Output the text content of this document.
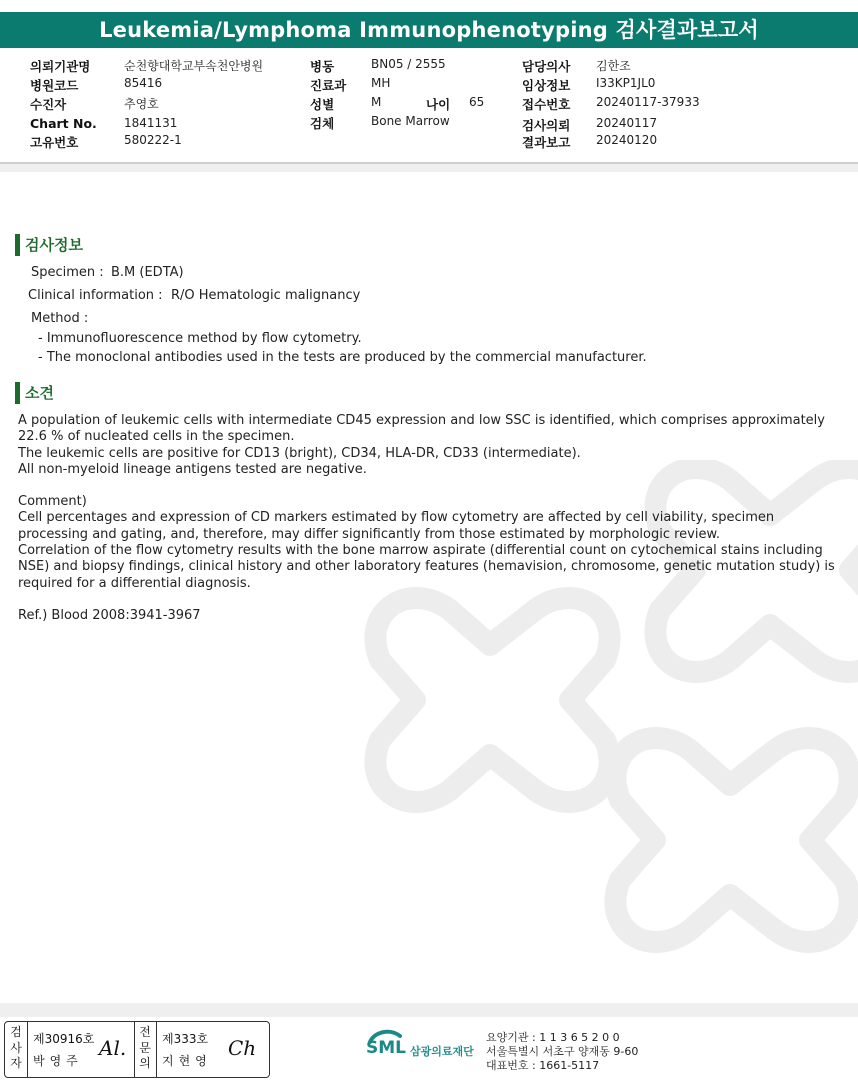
Leukemia/Lymphoma Immunophenotyping 검사결과보고서
의뢰기관명	순천향대학교부속천안병원
병원코드	85416
수진자	추영호
Chart No. 1841131
고유번호	580222-1
병동	BN05 / 2555
진료과 MH
성별	M	나이 65
검체	Bone Marrow
담당의사 김한조
임상정보 I33KP1JL0
접수번호 20240117-37933
검사의뢰 20240117
결과보고 20240120
검사정보
Specimen : B.M (EDTA)
Clinical information : R/O Hematologic malignancy
Method :
- Immunofluorescence method by flow cytometry.
- The monoclonal antibodies used in the tests are produced by the commercial manufacturer.
소견

A population of leukemic cells with intermediate CD45 expression and low SSC is identified, which comprises approximately 22.6 % of nucleated cells in the specimen.

The leukemic cells are positive for CD13 (bright), CD34, HLA-DR, CD33 (intermediate).

All non-myeloid lineage antigens tested are negative.

Comment)

Cell percentages and expression of CD markers estimated by flow cytometry are affected by cell viability, specimen processing and gating, and, therefore, may differ significantly from those estimated by morphologic review.

Correlation of the flow cytometry results with the bone marrow aspirate (differential count on cytochemical stains including NSE) and biopsy findings, clinical history and other laboratory features (hemavision, chromosome, genetic mutation study) is required for a differential diagnosis.

Ref.) Blood 2008:3941-3967

검사자
제30916호
박영주
Al.
전문의
제333호
지현영
Ch	SML 삼광의료재단
요양기관 : 1 1 3 6 5 2 0 0
서울특별시 서초구 양재동 9-60
대표번호 : 1661-5117
